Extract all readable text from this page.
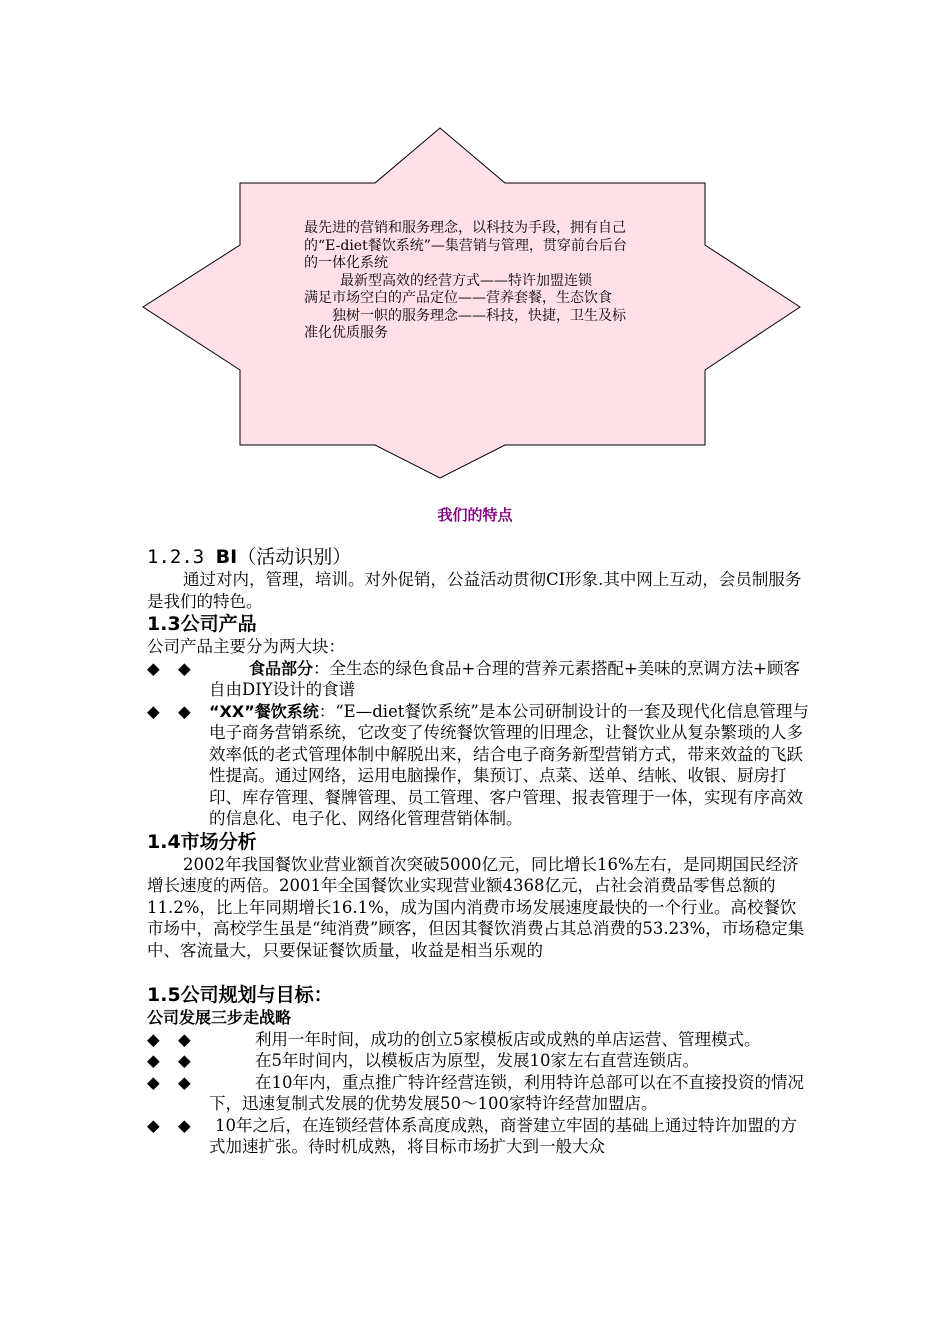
最先进的营销和服务理念，以科技为手段，拥有自己的“E-diet餐饮系统”—集营销与管理，贯穿前台后台的一体化系统
最新型高效的经营方式——特许加盟连锁
满足市场空白的产品定位——营养套餐，生态饮食
独树一帜的服务理念——科技，快捷，卫生及标准化优质服务
我们的特点
1.2.3 BI（活动识别）

通过对内，管理，培训。对外促销，公益活动贯彻CI形象.其中网上互动，会员制服务是我们的特色。

1.3公司产品

公司产品主要分为两大块：

◆ ◆	食品部分：全生态的绿色食品+合理的营养元素搭配+美味的烹调方法+顾客自由DIY设计的食谱

◆ ◆ “XX”餐饮系统：“E—diet餐饮系统”是本公司研制设计的一套及现代化信息管理与电子商务营销系统，它改变了传统餐饮管理的旧理念，让餐饮业从复杂繁琐的人多效率低的老式管理体制中解脱出来，结合电子商务新型营销方式，带来效益的飞跃性提高。通过网络，运用电脑操作，集预订、点菜、送单、结帐、收银、厨房打印、库存管理、餐牌管理、员工管理、客户管理、报表管理于一体，实现有序高效的信息化、电子化、网络化管理营销体制。

1.4市场分析

2002年我国餐饮业营业额首次突破5000亿元，同比增长16%左右，是同期国民经济增长速度的两倍。2001年全国餐饮业实现营业额4368亿元，占社会消费品零售总额的11.2%，比上年同期增长16.1%，成为国内消费市场发展速度最快的一个行业。高校餐饮市场中，高校学生虽是“纯消费”顾客，但因其餐饮消费占其总消费的53.23%，市场稳定集中、客流量大，只要保证餐饮质量，收益是相当乐观的

1.5公司规划与目标：

公司发展三步走战略

◆ ◆	利用一年时间，成功的创立5家模板店或成熟的单店运营、管理模式。

◆ ◆	在5年时间内，以模板店为原型，发展10家左右直营连锁店。

◆ ◆	在10年内，重点推广特许经营连锁，利用特许总部可以在不直接投资的情况下，迅速复制式发展的优势发展50～100家特许经营加盟店。

◆ ◆ 10年之后，在连锁经营体系高度成熟，商誉建立牢固的基础上通过特许加盟的方式加速扩张。待时机成熟，将目标市场扩大到一般大众
